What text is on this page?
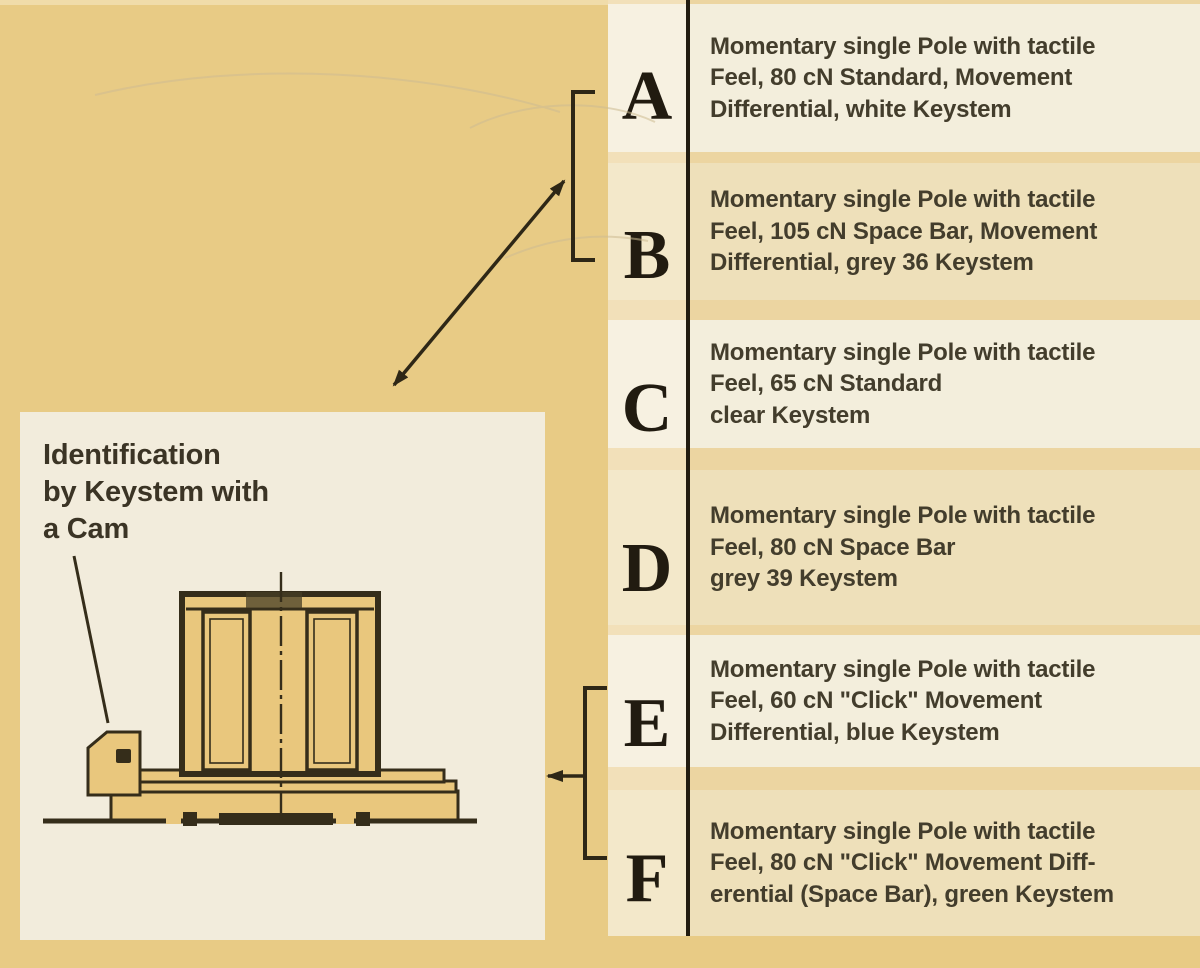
Momentary single Pole with tactile
Feel, 80 cN Standard, Movement
Differential, white Keystem
Momentary single Pole with tactile
Feel, 105 cN Space Bar, Movement
Differential, grey 36 Keystem
Momentary single Pole with tactile
Feel, 65 cN Standard
clear Keystem
Momentary single Pole with tactile
Feel, 80 cN Space Bar
grey 39 Keystem
Momentary single Pole with tactile
Feel, 60 cN "Click" Movement
Differential, blue Keystem
Momentary single Pole with tactile
Feel, 80 cN "Click" Movement Diff-
erential (Space Bar), green Keystem
A
B
C
D
E
F
Identification
by Keystem with
a Cam
